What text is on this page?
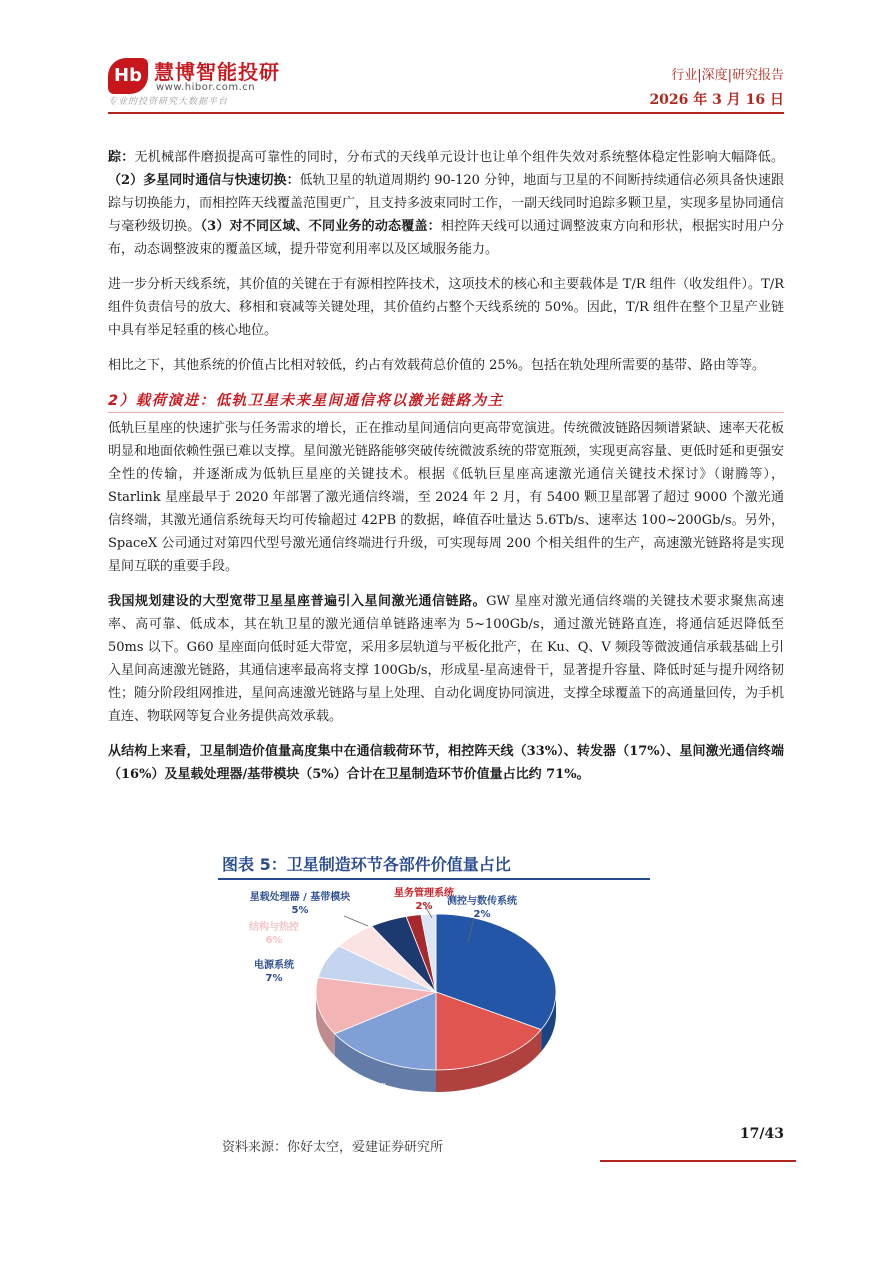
Hb 慧博智能投研
www.hibor.com.cn
专业的投资研究大数据平台
行业|深度|研究报告
2026 年 3 月 16 日

踪：无机械部件磨损提高可靠性的同时，分布式的天线单元设计也让单个组件失效对系统整体稳定性影响大幅降低。（2）多星同时通信与快速切换：低轨卫星的轨道周期约 90-120 分钟，地面与卫星的不间断持续通信必须具备快速跟踪与切换能力，而相控阵天线覆盖范围更广，且支持多波束同时工作，一副天线同时追踪多颗卫星，实现多星协同通信与毫秒级切换。（3）对不同区域、不同业务的动态覆盖：相控阵天线可以通过调整波束方向和形状，根据实时用户分布，动态调整波束的覆盖区域，提升带宽利用率以及区域服务能力。

进一步分析天线系统，其价值的关键在于有源相控阵技术，这项技术的核心和主要载体是 T/R 组件（收发组件）。T/R 组件负责信号的放大、移相和衰减等关键处理，其价值约占整个天线系统的 50%。因此，T/R 组件在整个卫星产业链中具有举足轻重的核心地位。

相比之下，其他系统的价值占比相对较低，约占有效载荷总价值的 25%。包括在轨处理所需要的基带、路由等等。

2）载荷演进：低轨卫星未来星间通信将以激光链路为主

低轨巨星座的快速扩张与任务需求的增长，正在推动星间通信向更高带宽演进。传统微波链路因频谱紧缺、速率天花板明显和地面依赖性强已难以支撑。星间激光链路能够突破传统微波系统的带宽瓶颈，实现更高容量、更低时延和更强安全性的传输，并逐渐成为低轨巨星座的关键技术。根据《低轨巨星座高速激光通信关键技术探讨》（谢腾等），Starlink 星座最早于 2020 年部署了激光通信终端，至 2024 年 2 月，有 5400 颗卫星部署了超过 9000 个激光通信终端，其激光通信系统每天均可传输超过 42PB 的数据，峰值吞吐量达 5.6Tb/s、速率达 100~200Gb/s。另外，SpaceX 公司通过对第四代型号激光通信终端进行升级，可实现每周 200 个相关组件的生产，高速激光链路将是实现星间互联的重要手段。

我国规划建设的大型宽带卫星星座普遍引入星间激光通信链路。GW 星座对激光通信终端的关键技术要求聚焦高速率、高可靠、低成本，其在轨卫星的激光通信单链路速率为 5~100Gb/s，通过激光链路直连，将通信延迟降低至 50ms 以下。G60 星座面向低时延大带宽，采用多层轨道与平板化批产，在 Ku、Q、V 频段等微波通信承载基础上引入星间高速激光链路，其通信速率最高将支撑 100Gb/s，形成星-星高速骨干，显著提升容量、降低时延与提升网络韧性；随分阶段组网推进，星间高速激光链路与星上处理、自动化调度协同演进，支撑全球覆盖下的高通量回传，为手机直连、物联网等复合业务提供高效承载。

从结构上来看，卫星制造价值量高度集中在通信载荷环节，相控阵天线（33%）、转发器（17%）、星间激光通信终端（16%）及星载处理器/基带模块（5%）合计在卫星制造环节价值量占比约 71%。

图表 5：卫星制造环节各部件价值量占比
相控阵天线
33%
转发器
17%
星间激光通信终端
16%
推进系统
12%
电源系统
7%
结构与热控
6%
星载处理器 / 基带模块
5%
星务管理系统
2% 测控与数传系统
2%
资料来源：你好太空，爱建证券研究所
17/43
